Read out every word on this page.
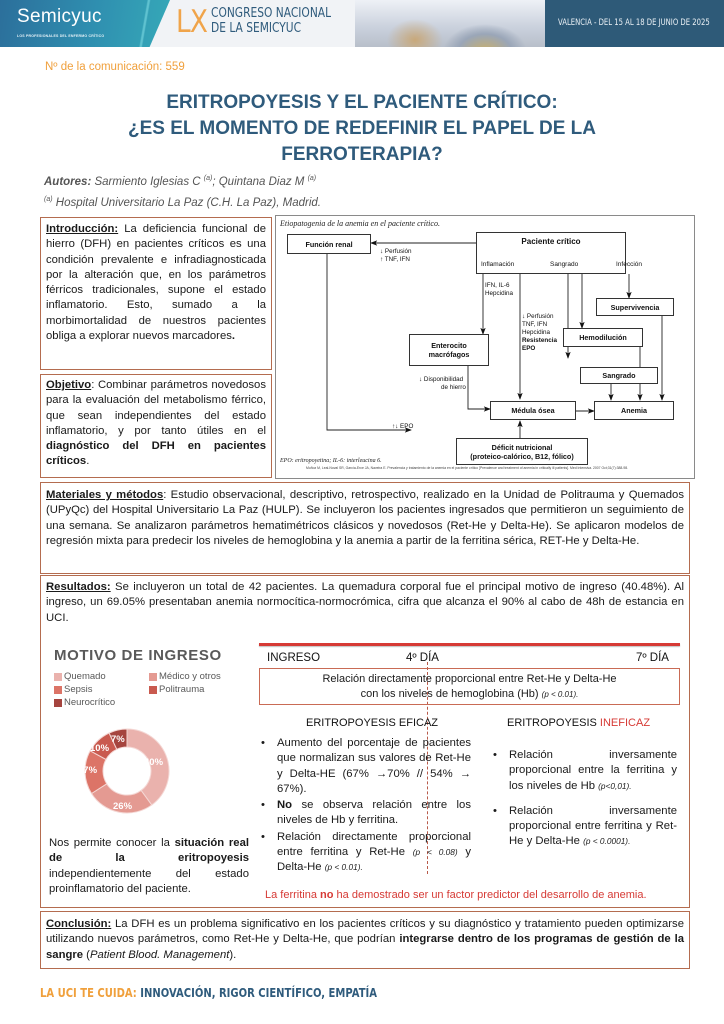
Semicyuc
LOS PROFESIONALES DEL ENFERMO CRÍTICO LX CONGRESO NACIONAL
DE LA SEMICYUC	VALENCIA - DEL 15 AL 18 DE JUNIO DE 2025
Nº de la comunicación: 559
ERITROPOYESIS Y EL PACIENTE CRÍTICO:
¿ES EL MOMENTO DE REDEFINIR EL PAPEL DE LA
FERROTERAPIA?
Autores: Sarmiento Iglesias C $^{(a)}$; Quintana Diaz M $^{(a)}$
$^{(a)}$ Hospital Universitario La Paz (C.H. La Paz), Madrid.

Introducción: La deficiencia funcional de hierro (DFH) en pacientes críticos es una condición prevalente e infradiagnosticada por la alteración que, en los parámetros férricos tradicionales, supone el estado inflamatorio. Esto, sumado a la morbimortalidad de nuestros pacientes obliga a explorar nuevos marcadores.

Objetivo: Combinar parámetros novedosos para la evaluación del metabolismo férrico, que sean independientes del estado inflamatorio, y por tanto útiles en el diagnóstico del DFH en pacientes críticos.

Etiopatogenia de la anemia en el paciente crítico.
Función renal	Paciente crítico
Inflamación	Sangrado	Infección
↓ Perfusión
↑ TNF, IFN
IFN, IL-6
Hepcidina
↓ Perfusión
TNF, IFN
Hepcidina
Resistencia
EPO
Enterocito macrófagos
Supervivencia
Hemodilución
Sangrado
↓ Disponibilidad
de hierro
Médula ósea	Anemia
↑↓ EPO
Déficit nutricional
(proteico-calórico, B12, fólico)
EPO: eritropoyetina; IL-6: interleucina 6.
Muñoz M, Leal-Noval SR, García-Erce JA, Naveira E. Prevalencia y tratamiento de la anemia en el paciente crítico [Prevalence and treatment of anemia in critically ill patients]. Med Intensiva. 2007 Oct;31(7):388-98.

Materiales y métodos: Estudio observacional, descriptivo, retrospectivo, realizado en la Unidad de Politrauma y Quemados (UPyQc) del Hospital Universitario La Paz (HULP). Se incluyeron los pacientes ingresados que permitieron un seguimiento de una semana. Se analizaron parámetros hematimétricos clásicos y novedosos (Ret-He y Delta-He). Se aplicaron modelos de regresión mixta para predecir los niveles de hemoglobina y la anemia a partir de la ferritina sérica, RET-He y Delta-He.

Resultados: Se incluyeron un total de 42 pacientes. La quemadura corporal fue el principal motivo de ingreso (40.48%). Al ingreso, un 69.05% presentaban anemia normocítica-normocrómica, cifra que alcanza el 90% al cabo de 48h de estancia en UCI.

MOTIVO DE INGRESO
Quemado	Médico y otros
Sepsis	Politrauma
Neurocrítico
40%
26%
17%
10%
7%

Nos permite conocer la situación real de la eritropoyesis independientemente del estado proinflamatorio del paciente.

INGRESO	4º DÍA	7º DÍA
Relación directamente proporcional entre Ret-He y Delta-He
con los niveles de hemoglobina (Hb) (p < 0.01).
ERITROPOYESIS EFICAZ	ERITROPOYESIS INEFICAZ
• Aumento del porcentaje de pacientes que normalizan sus valores de Ret-He y Delta-HE (67% →70% // 54% → 67%).
• No se observa relación entre los niveles de Hb y ferritina.
• Relación directamente proporcional entre ferritina y Ret-He (p < 0.08) y Delta-He (p < 0.01).
• Relación inversamente proporcional entre la ferritina y los niveles de Hb (p<0,01).
• Relación inversamente proporcional entre ferritina y Ret-He y Delta-He (p < 0.0001).
La ferritina no ha demostrado ser un factor predictor del desarrollo de anemia.

Conclusión: La DFH es un problema significativo en los pacientes críticos y su diagnóstico y tratamiento pueden optimizarse utilizando nuevos parámetros, como Ret-He y Delta-He, que podrían integrarse dentro de los programas de gestión de la sangre (Patient Blood. Management).

LA UCI TE CUIDA: INNOVACIÓN, RIGOR CIENTÍFICO, EMPATÍA
